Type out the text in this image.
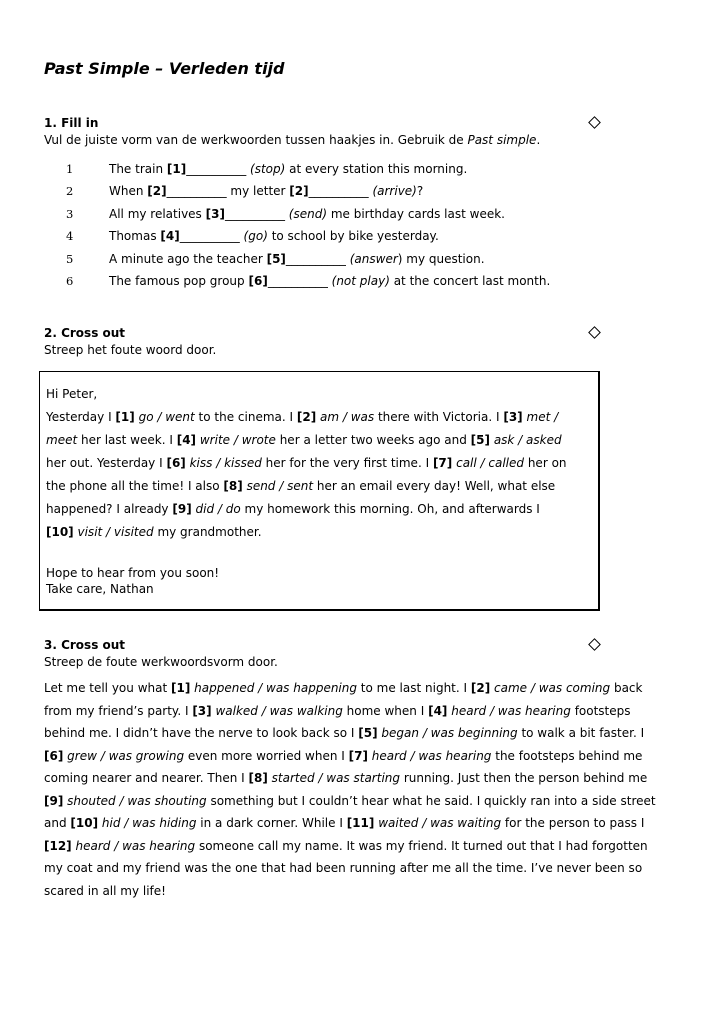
Past Simple – Verleden tijd
1. Fill in
Vul de juiste vorm van de werkwoorden tussen haakjes in. Gebruik de Past simple.
1	The train [1]__________ (stop) at every station this morning.
2	When [2]__________ my letter [2]__________ (arrive)?
3	All my relatives [3]__________ (send) me birthday cards last week.
4	Thomas [4]__________ (go) to school by bike yesterday.
5	A minute ago the teacher [5]__________ (answer) my question.
6	The famous pop group [6]__________ (not play) at the concert last month.
2. Cross out
Streep het foute woord door.
Hi Peter,
Yesterday I [1] go / went to the cinema. I [2] am / was there with Victoria. I [3] met /
meet her last week. I [4] write / wrote her a letter two weeks ago and [5] ask / asked
her out. Yesterday I [6] kiss / kissed her for the very first time. I [7] call / called her on
the phone all the time! I also [8] send / sent her an email every day! Well, what else
happened? I already [9] did / do my homework this morning. Oh, and afterwards I
[10] visit / visited my grandmother.
Hope to hear from you soon!
Take care, Nathan
3. Cross out
Streep de foute werkwoordsvorm door.
Let me tell you what [1] happened / was happening to me last night. I [2] came / was coming back
from my friend’s party. I [3] walked / was walking home when I [4] heard / was hearing footsteps
behind me. I didn’t have the nerve to look back so I [5] began / was beginning to walk a bit faster. I
[6] grew / was growing even more worried when I [7] heard / was hearing the footsteps behind me
coming nearer and nearer. Then I [8] started / was starting running. Just then the person behind me
[9] shouted / was shouting something but I couldn’t hear what he said. I quickly ran into a side street
and [10] hid / was hiding in a dark corner. While I [11] waited / was waiting for the person to pass I
[12] heard / was hearing someone call my name. It was my friend. It turned out that I had forgotten
my coat and my friend was the one that had been running after me all the time. I’ve never been so
scared in all my life!
